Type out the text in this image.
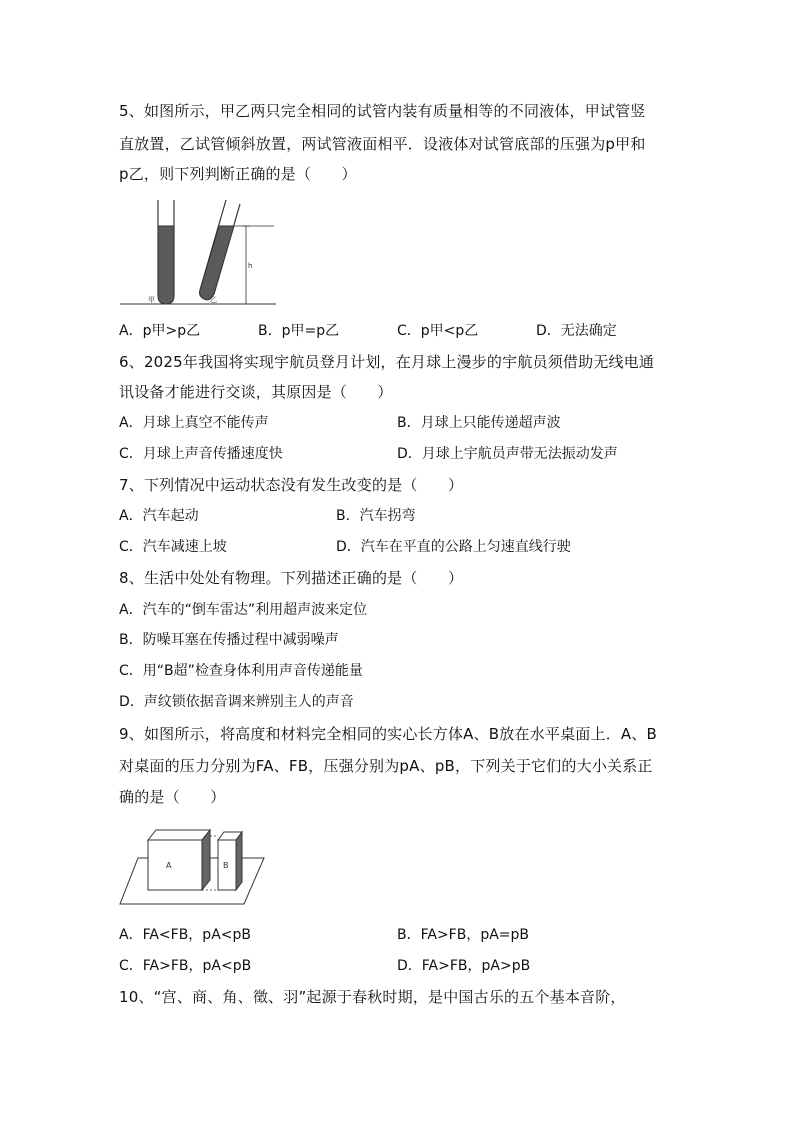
5、如图所示，甲乙两只完全相同的试管内装有质量相等的不同液体，甲试管竖
直放置，乙试管倾斜放置，两试管液面相平．设液体对试管底部的压强为p甲和
p乙，则下列判断正确的是（　　）
甲	乙
h
A．p甲>p乙	B．p甲=p乙	C．p甲<p乙	D．无法确定
6、2025年我国将实现宇航员登月计划，在月球上漫步的宇航员须借助无线电通
讯设备才能进行交谈，其原因是（　　）
A．月球上真空不能传声	B．月球上只能传递超声波
C．月球上声音传播速度快	D．月球上宇航员声带无法振动发声
7、下列情况中运动状态没有发生改变的是（　　）
A．汽车起动	B．汽车拐弯
C．汽车减速上坡	D．汽车在平直的公路上匀速直线行驶
8、生活中处处有物理。下列描述正确的是（　　）
A．汽车的“倒车雷达”利用超声波来定位
B．防噪耳塞在传播过程中减弱噪声
C．用“B超”检查身体利用声音传递能量
D．声纹锁依据音调来辨别主人的声音
9、如图所示，将高度和材料完全相同的实心长方体A、B放在水平桌面上．A、B
对桌面的压力分别为FA、FB，压强分别为pA、pB，下列关于它们的大小关系正
确的是（　　）
A	B
A．FA<FB，pA<pB	B．FA>FB，pA=pB
C．FA>FB，pA<pB	D．FA>FB，pA>pB
10、“宫、商、角、徵、羽”起源于春秋时期，是中国古乐的五个基本音阶，
